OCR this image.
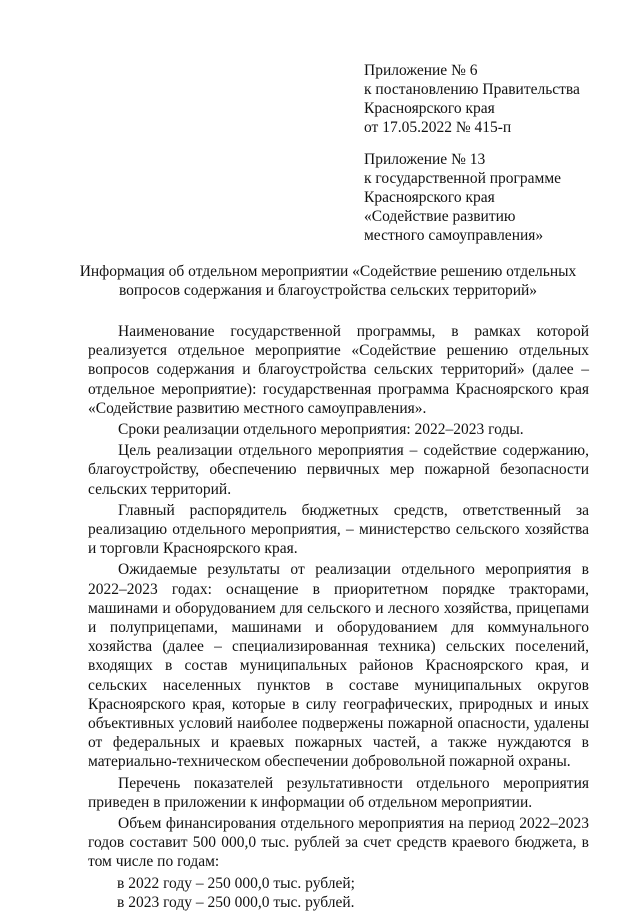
Приложение № 6
к постановлению Правительства
Красноярского края
от 17.05.2022 № 415-п
Приложение № 13
к государственной программе
Красноярского края
«Содействие развитию
местного самоуправления»
Информация об отдельном мероприятии «Содействие решению отдельных вопросов содержания и благоустройства сельских территорий»

Наименование государственной программы, в рамках которой реализуется отдельное мероприятие «Содействие решению отдельных вопросов содержания и благоустройства сельских территорий» (далее – отдельное мероприятие): государственная программа Красноярского края «Содействие развитию местного самоуправления».

Сроки реализации отдельного мероприятия: 2022–2023 годы.

Цель реализации отдельного мероприятия – содействие содержанию, благоустройству, обеспечению первичных мер пожарной безопасности сельских территорий.

Главный распорядитель бюджетных средств, ответственный за реализацию отдельного мероприятия, – министерство сельского хозяйства и торговли Красноярского края.

Ожидаемые результаты от реализации отдельного мероприятия в 2022–2023 годах: оснащение в приоритетном порядке тракторами, машинами и оборудованием для сельского и лесного хозяйства, прицепами и полуприцепами, машинами и оборудованием для коммунального хозяйства (далее – специализированная техника) сельских поселений, входящих в состав муниципальных районов Красноярского края, и сельских населенных пунктов в составе муниципальных округов Красноярского края, которые в силу географических, природных и иных объективных условий наиболее подвержены пожарной опасности, удалены от федеральных и краевых пожарных частей, а также нуждаются в материально-техническом обеспечении добровольной пожарной охраны.

Перечень показателей результативности отдельного мероприятия приведен в приложении к информации об отдельном мероприятии.

Объем финансирования отдельного мероприятия на период 2022–2023 годов составит 500 000,0 тыс. рублей за счет средств краевого бюджета, в том числе по годам:

в 2022 году – 250 000,0 тыс. рублей;

в 2023 году – 250 000,0 тыс. рублей.
